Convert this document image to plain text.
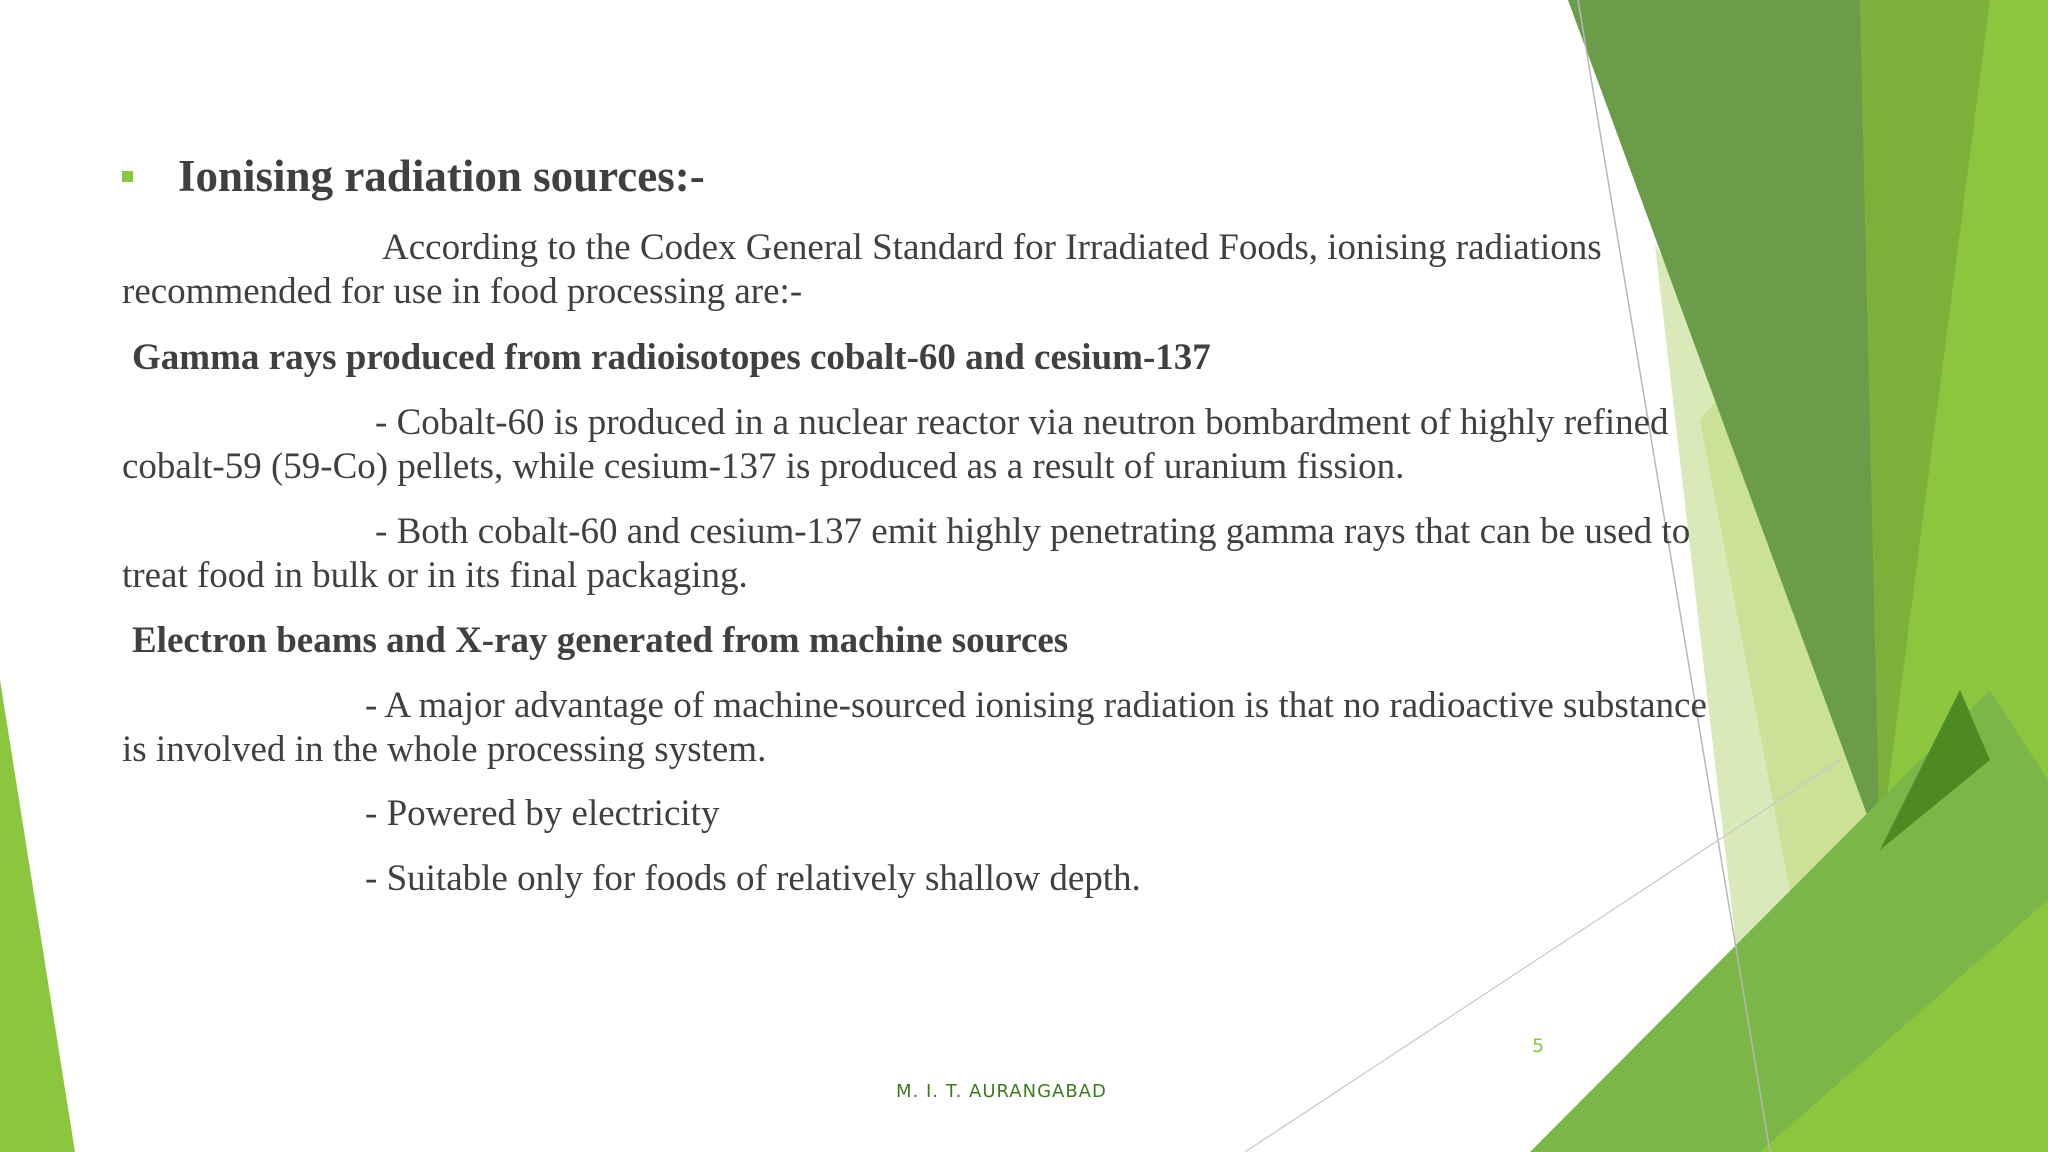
Ionising radiation sources:-
According to the Codex General Standard for Irradiated Foods, ionising radiations
recommended for use in food processing are:-
Gamma rays produced from radioisotopes cobalt-60 and cesium-137
- Cobalt-60 is produced in a nuclear reactor via neutron bombardment of highly refined
cobalt-59 (59-Co) pellets, while cesium-137 is produced as a result of uranium fission.
- Both cobalt-60 and cesium-137 emit highly penetrating gamma rays that can be used to
treat food in bulk or in its final packaging.
Electron beams and X-ray generated from machine sources
- A major advantage of machine-sourced ionising radiation is that no radioactive substance
is involved in the whole processing system.
- Powered by electricity
- Suitable only for foods of relatively shallow depth.
5
M. I. T. AURANGABAD
